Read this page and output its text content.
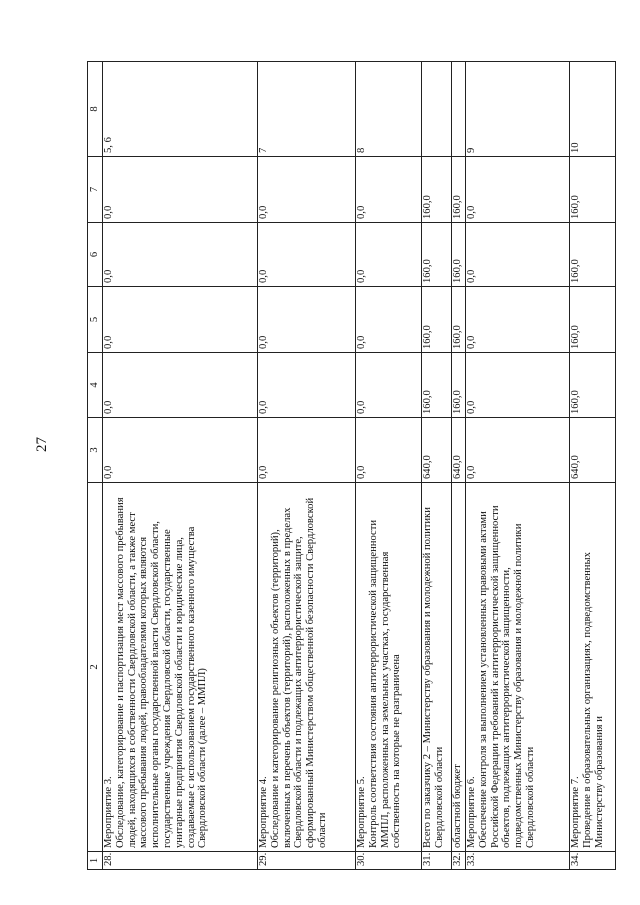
27
1	2	3	4	5	6	7	8
28.	Мероприятие 3.
Обследование, категорирование и паспортизация мест массового пребывания людей, находящихся в собственности Свердловской области, а также мест массового пребывания людей, правообладателями которых являются исполнительные органы государственной власти Свердловской области, государственные учреждения Свердловской области, государственные унитарные предприятия Свердловской области и юридические лица, создаваемые с использованием государственного казенного имущества Свердловской области (далее – ММПЛ)	0,0	0,0	0,0	0,0	0,0	5, 6
29.	Мероприятие 4.
Обследование и категорирование религиозных объектов (территорий), включенных в перечень объектов (территорий), расположенных в пределах Свердловской области и подлежащих антитеррористической защите, сформированный Министерством общественной безопасности Свердловской области	0,0	0,0	0,0	0,0	0,0	7
30.	Мероприятие 5.
Контроль соответствия состояния антитеррористической защищенности ММПЛ, расположенных на земельных участках, государственная собственность на которые не разграничена	0,0	0,0	0,0	0,0	0,0	8
31.	Всего по заказчику 2 – Министерству образования и молодежной политики Свердловской области	640,0	160,0	160,0	160,0	160,0	
32.	областной бюджет	640,0	160,0	160,0	160,0	160,0	
33.	Мероприятие 6.
Обеспечение контроля за выполнением установленных правовыми актами Российской Федерации требований к антитеррористической защищенности объектов, подлежащих антитеррористической защищенности, подведомственных Министерству образования и молодежной политики Свердловской области	0,0	0,0	0,0	0,0	0,0	9
34.	Мероприятие 7.
Проведение в образовательных организациях, подведомственных Министерству образования и	640,0	160,0	160,0	160,0	160,0	10
